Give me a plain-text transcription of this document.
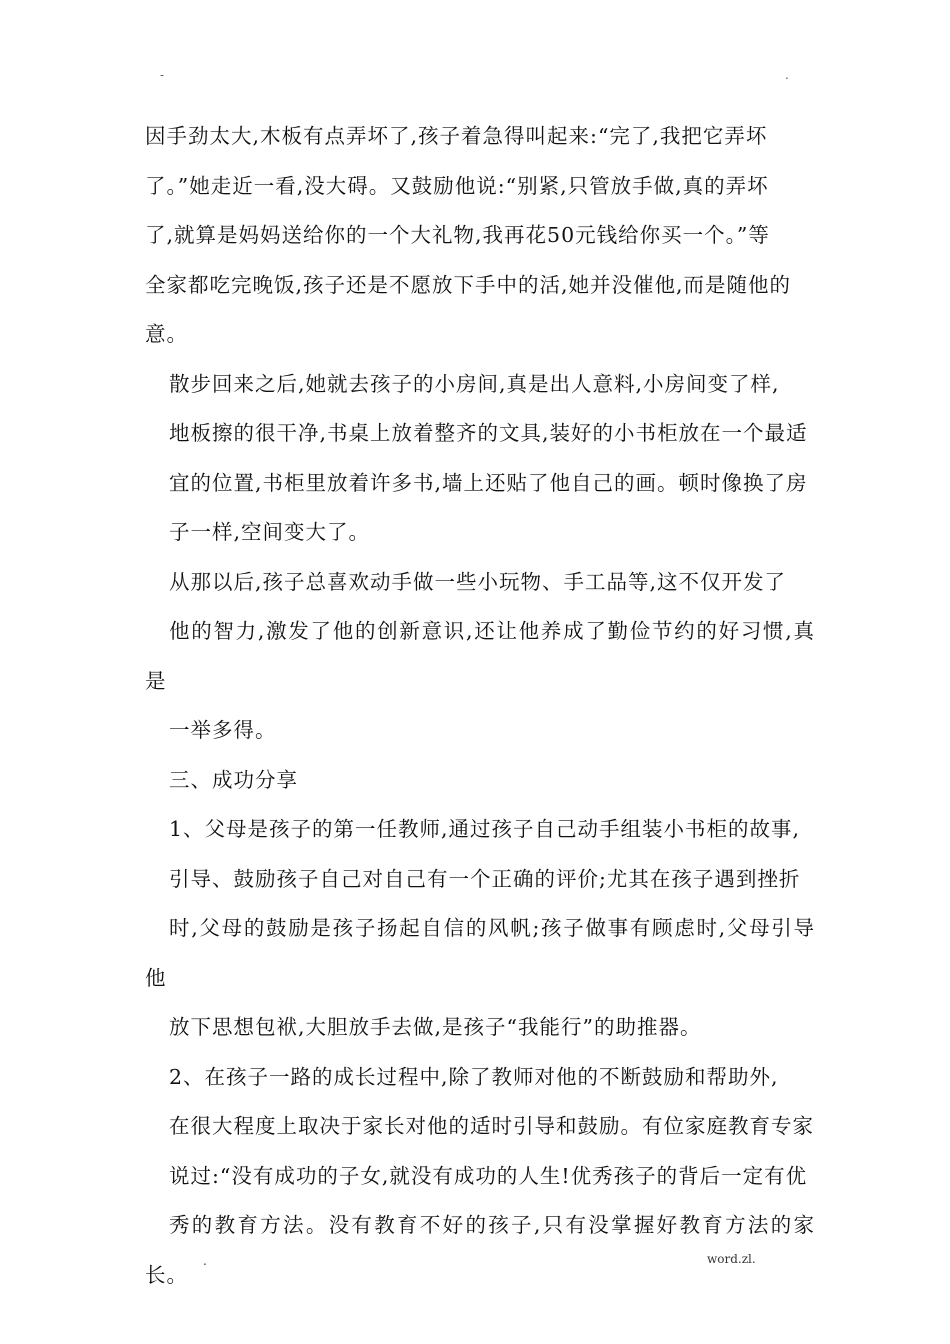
-	.
因手劲太大,木板有点弄坏了,孩子着急得叫起来:“完了,我把它弄坏
了。”她走近一看,没大碍。又鼓励他说:“别紧,只管放手做,真的弄坏
了,就算是妈妈送给你的一个大礼物,我再花50元钱给你买一个。”等
全家都吃完晚饭,孩子还是不愿放下手中的活,她并没催他,而是随他的
意。
散步回来之后,她就去孩子的小房间,真是出人意料,小房间变了样,
地板擦的很干净,书桌上放着整齐的文具,装好的小书柜放在一个最适
宜的位置,书柜里放着许多书,墙上还贴了他自己的画。顿时像换了房
子一样,空间变大了。
从那以后,孩子总喜欢动手做一些小玩物、手工品等,这不仅开发了
他的智力,激发了他的创新意识,还让他养成了勤俭节约的好习惯,真是
一举多得。
三、成功分享
1、父母是孩子的第一任教师,通过孩子自己动手组装小书柜的故事,
引导、鼓励孩子自己对自己有一个正确的评价;尤其在孩子遇到挫折
时,父母的鼓励是孩子扬起自信的风帆;孩子做事有顾虑时,父母引导他
放下思想包袱,大胆放手去做,是孩子“我能行”的助推器。
2、在孩子一路的成长过程中,除了教师对他的不断鼓励和帮助外,
在很大程度上取决于家长对他的适时引导和鼓励。有位家庭教育专家
说过:“没有成功的子女,就没有成功的人生!优秀孩子的背后一定有优
秀的教育方法。没有教育不好的孩子,只有没掌握好教育方法的家长。
.	word.zl.
